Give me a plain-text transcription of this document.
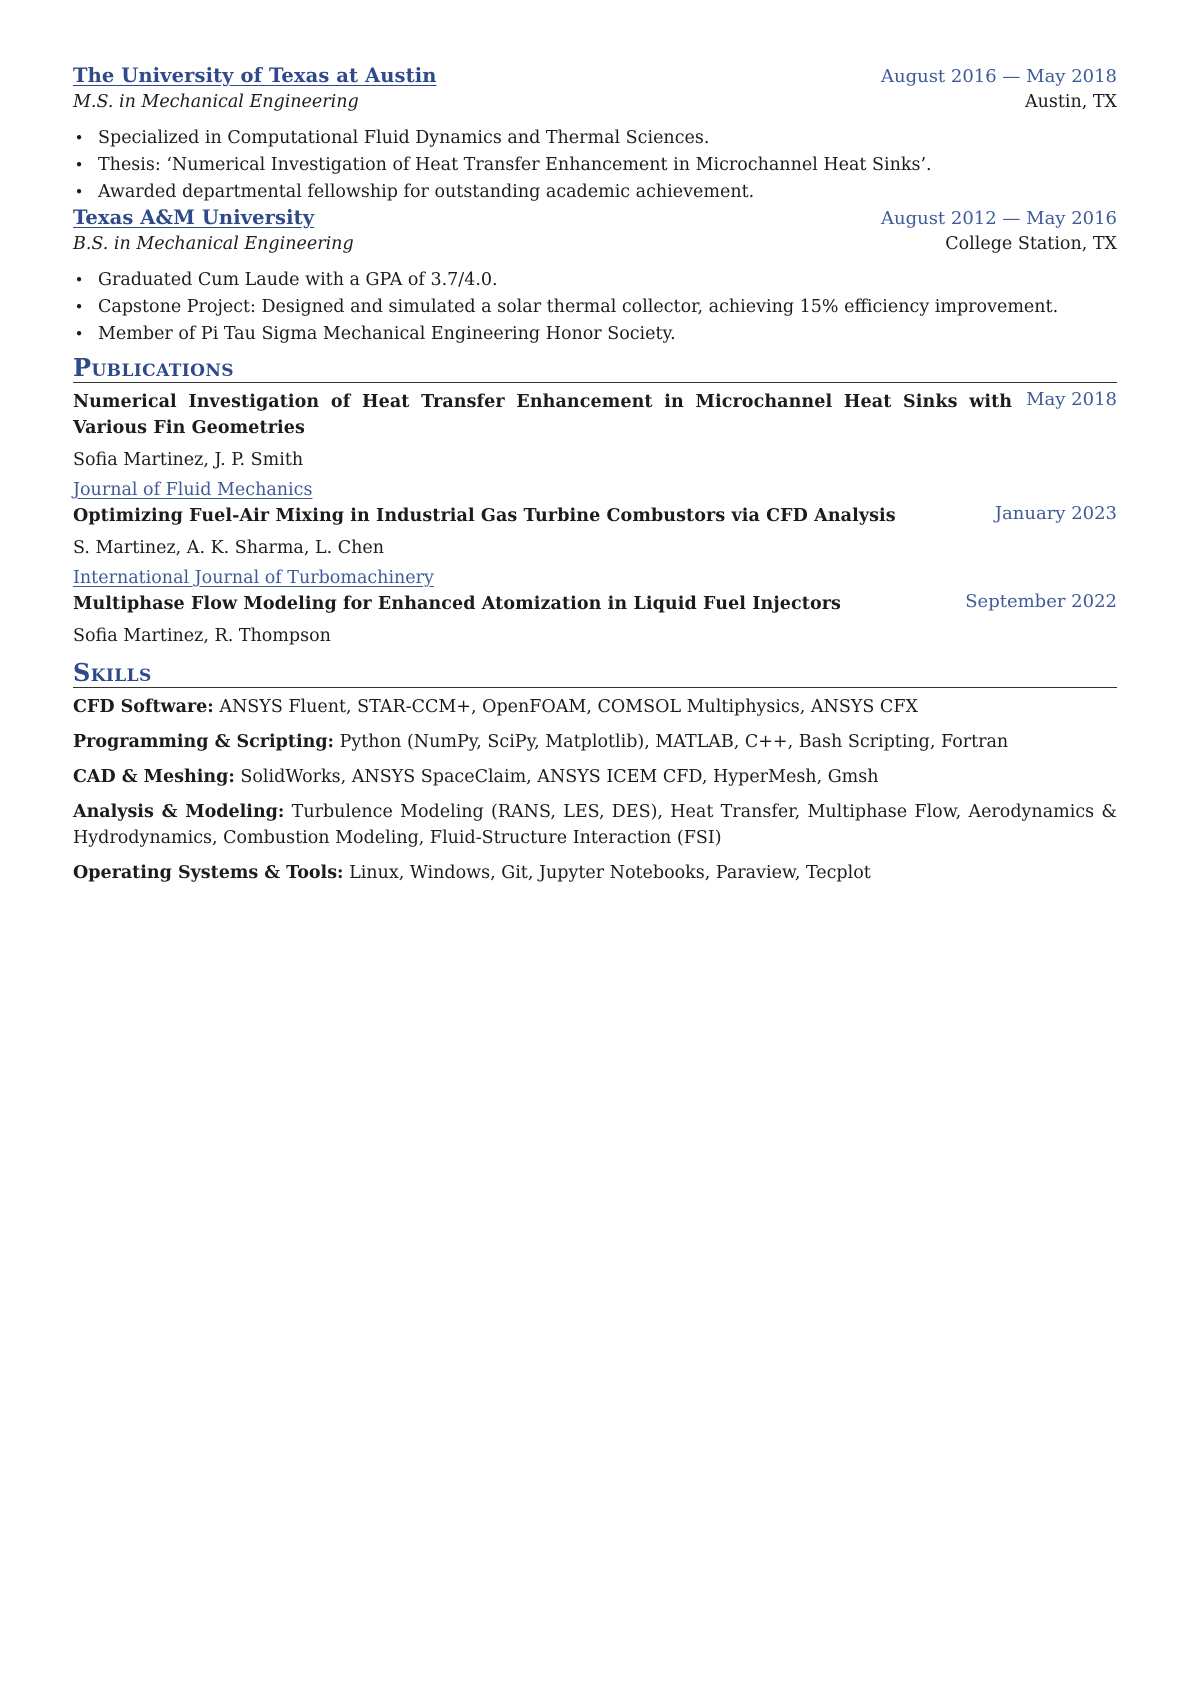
The University of Texas at Austin	August 2016 — May 2018
M.S. in Mechanical Engineering	Austin, TX
• Specialized in Computational Fluid Dynamics and Thermal Sciences.
• Thesis: ‘Numerical Investigation of Heat Transfer Enhancement in Microchannel Heat Sinks’.
• Awarded departmental fellowship for outstanding academic achievement.
Texas A&M University	August 2012 — May 2016
B.S. in Mechanical Engineering	College Station, TX
• Graduated Cum Laude with a GPA of 3.7/4.0.
• Capstone Project: Designed and simulated a solar thermal collector, achieving 15% efficiency improvement.
• Member of Pi Tau Sigma Mechanical Engineering Honor Society.
Publications
Numerical Investigation of Heat Transfer Enhancement in Microchannel Heat Sinks with Various Fin Geometries
May 2018
Sofia Martinez, J. P. Smith
Journal of Fluid Mechanics
Optimizing Fuel-Air Mixing in Industrial Gas Turbine Combustors via CFD Analysis	January 2023
S. Martinez, A. K. Sharma, L. Chen
International Journal of Turbomachinery
Multiphase Flow Modeling for Enhanced Atomization in Liquid Fuel Injectors	September 2022
Sofia Martinez, R. Thompson
Skills
CFD Software: ANSYS Fluent, STAR-CCM+, OpenFOAM, COMSOL Multiphysics, ANSYS CFX
Programming & Scripting: Python (NumPy, SciPy, Matplotlib), MATLAB, C++, Bash Scripting, Fortran
CAD & Meshing: SolidWorks, ANSYS SpaceClaim, ANSYS ICEM CFD, HyperMesh, Gmsh
Analysis & Modeling: Turbulence Modeling (RANS, LES, DES), Heat Transfer, Multiphase Flow, Aerodynamics & Hydrodynamics, Combustion Modeling, Fluid-Structure Interaction (FSI)
Operating Systems & Tools: Linux, Windows, Git, Jupyter Notebooks, Paraview, Tecplot
